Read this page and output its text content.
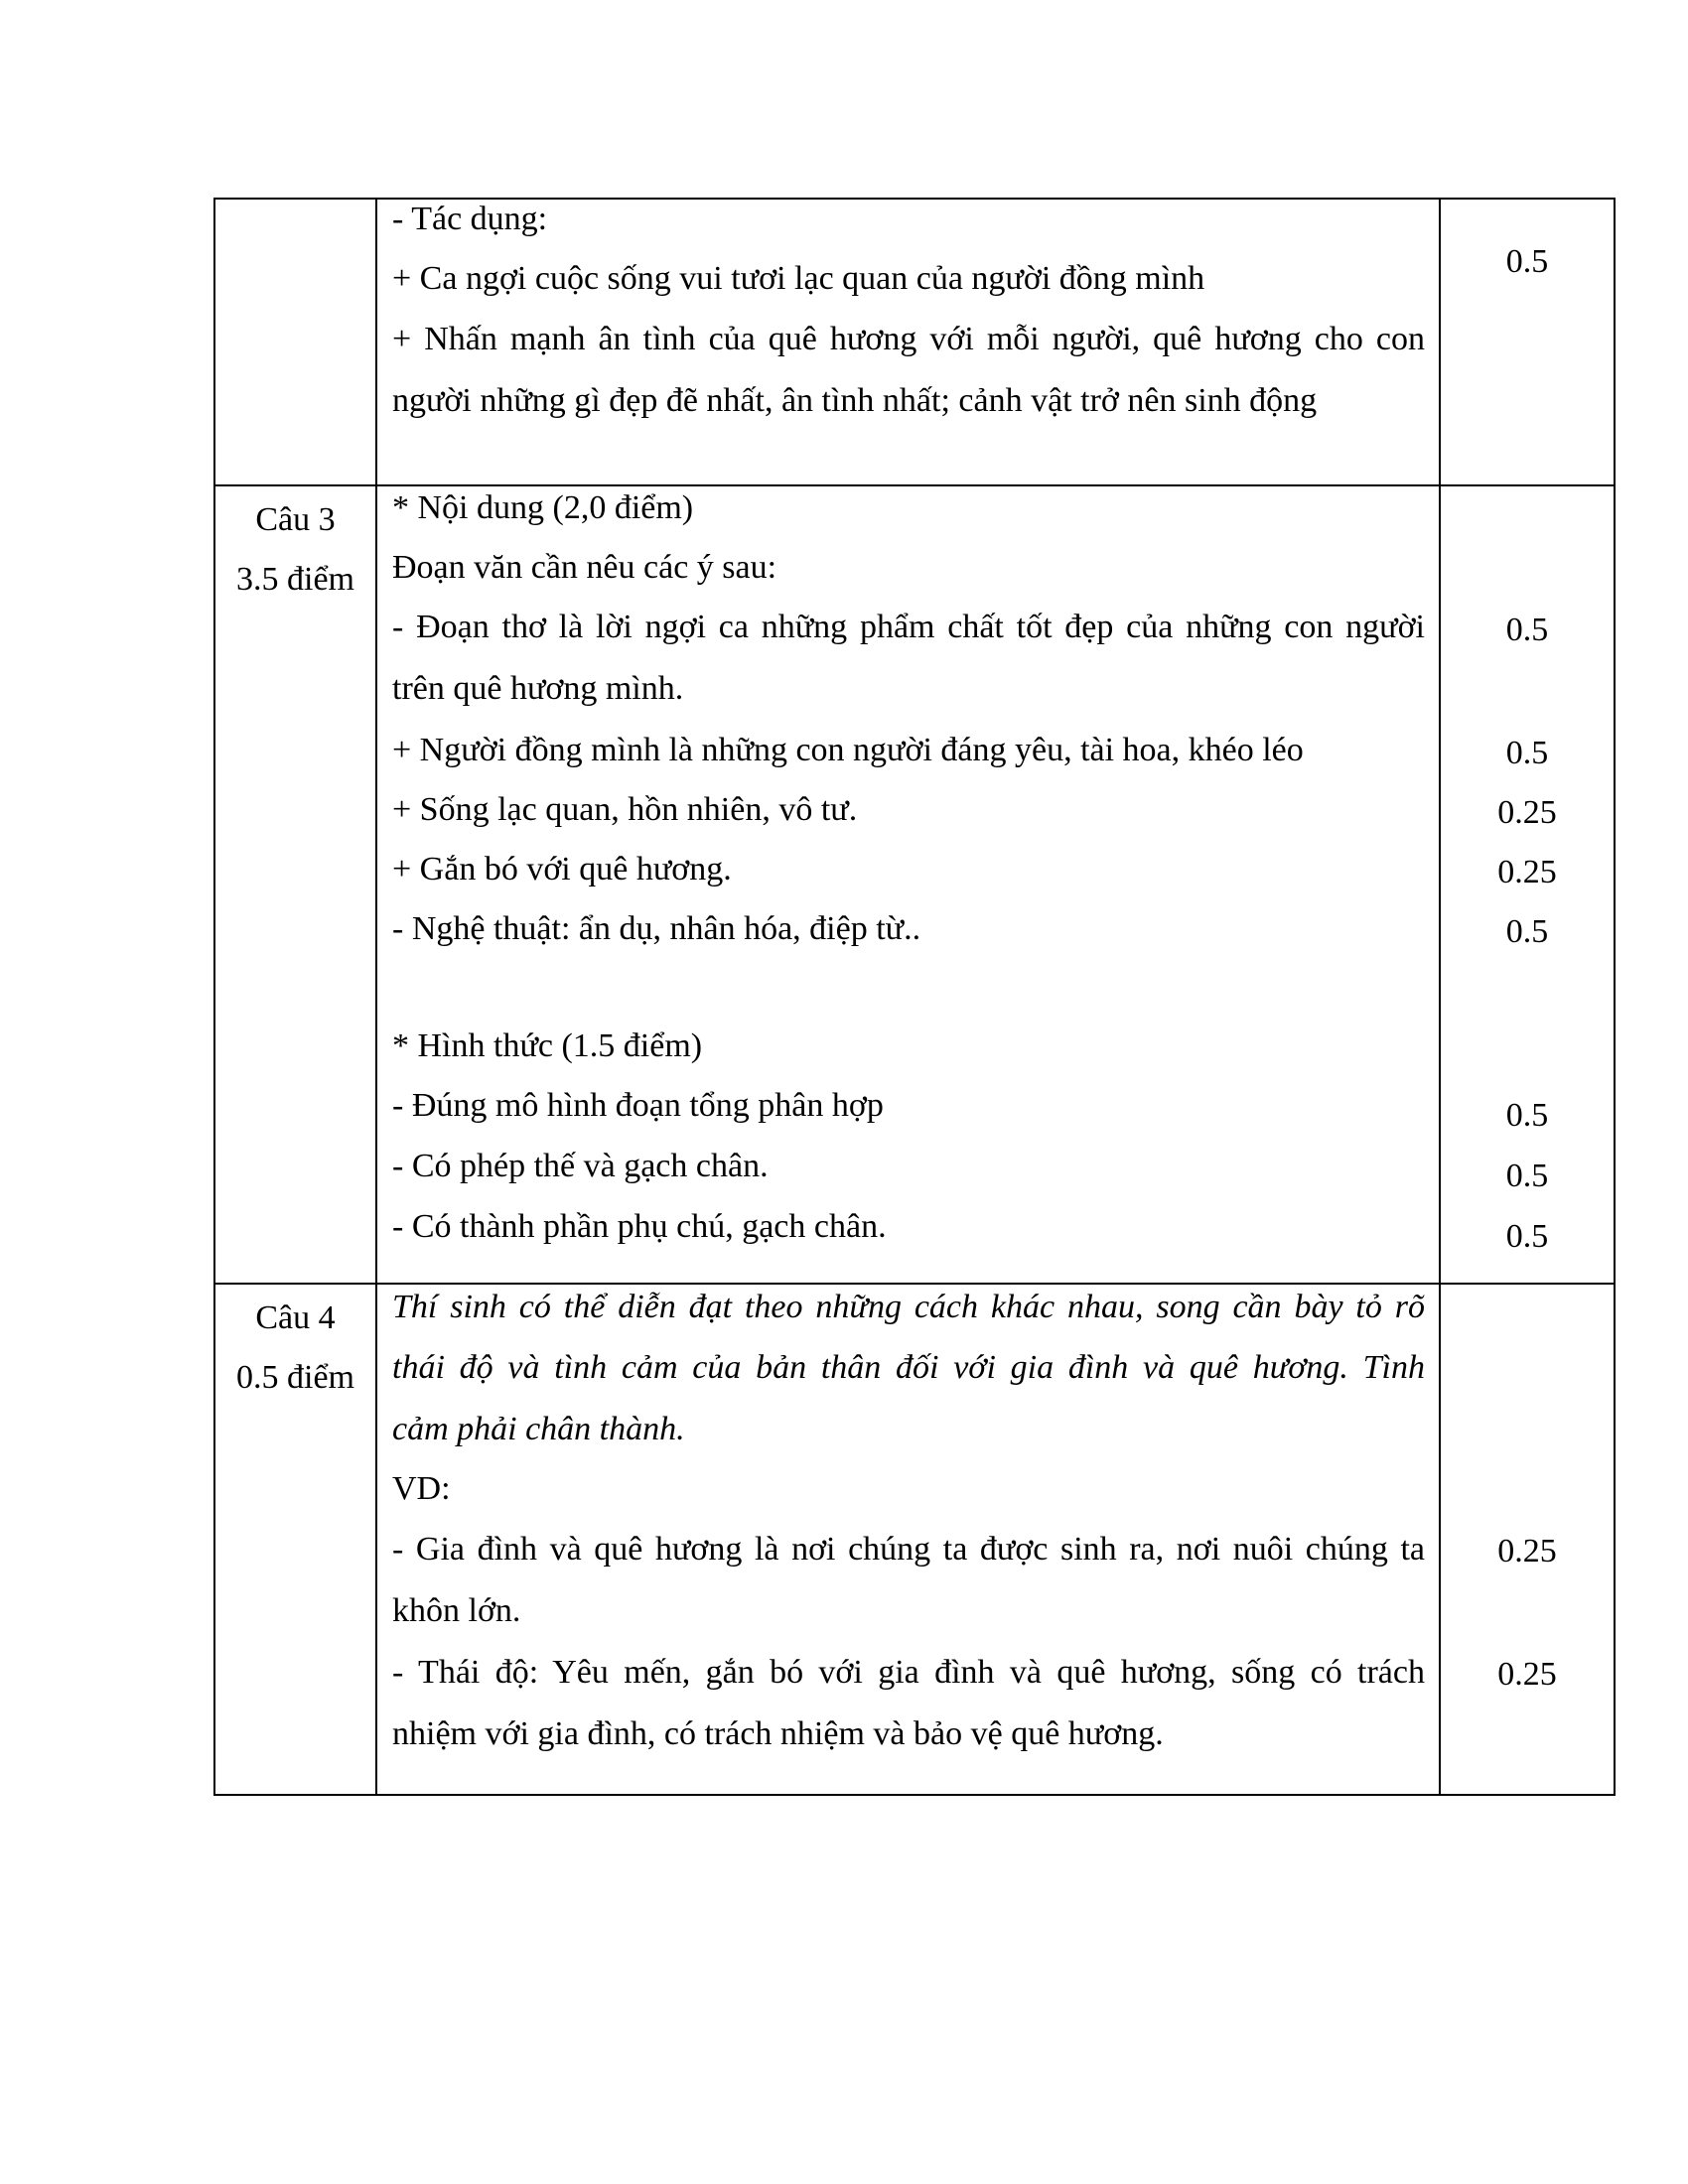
- Tác dụng:
+ Ca ngợi cuộc sống vui tươi lạc quan của người đồng mình
+ Nhấn mạnh ân tình của quê hương với mỗi người, quê hương cho con
người những gì đẹp đẽ nhất, ân tình nhất; cảnh vật trở nên sinh động
0.5
Câu 3
3.5 điểm
* Nội dung (2,0 điểm)
Đoạn văn cần nêu các ý sau:
- Đoạn thơ là lời ngợi ca những phẩm chất tốt đẹp của những con người
trên quê hương mình.
+ Người đồng mình là những con người đáng yêu, tài hoa, khéo léo
+ Sống lạc quan, hồn nhiên, vô tư.
+ Gắn bó với quê hương.
- Nghệ thuật: ẩn dụ, nhân hóa, điệp từ..
* Hình thức (1.5 điểm)
- Đúng mô hình đoạn tổng phân hợp
- Có phép thế và gạch chân.
- Có thành phần phụ chú, gạch chân.
0.5
0.5
0.25
0.25
0.5
0.5
0.5
0.5
Câu 4
0.5 điểm
Thí sinh có thể diễn đạt theo những cách khác nhau, song cần bày tỏ rõ
thái độ và tình cảm của bản thân đối với gia đình và quê hương. Tình
cảm phải chân thành.
VD:
- Gia đình và quê hương là nơi chúng ta được sinh ra, nơi nuôi chúng ta
khôn lớn.
- Thái độ: Yêu mến, gắn bó với gia đình và quê hương, sống có trách
nhiệm với gia đình, có trách nhiệm và bảo vệ quê hương.
0.25
0.25
